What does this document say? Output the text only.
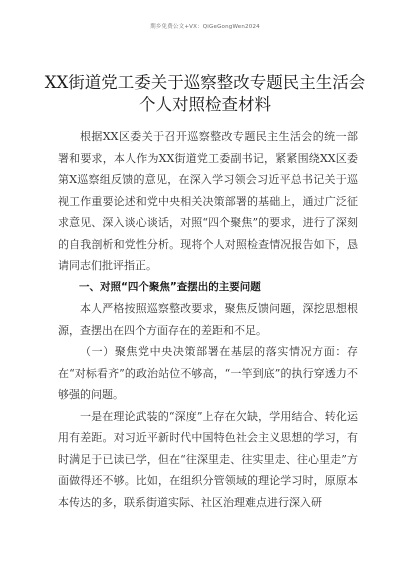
期乡免费公文+VX：QiGeGongWen2024
XX街道党工委关于巡察整改专题民主生活会
个人对照检查材料

根据XX区委关于召开巡察整改专题民主生活会的统一部署和要求，本人作为XX街道党工委副书记，紧紧围绕XX区委第X巡察组反馈的意见，在深入学习领会习近平总书记关于巡视工作重要论述和党中央相关决策部署的基础上，通过广泛征求意见、深入谈心谈话，对照“四个聚焦”的要求，进行了深刻的自我剖析和党性分析。现将个人对照检查情况报告如下，恳请同志们批评指正。

一、对照“四个聚焦”查摆出的主要问题

本人严格按照巡察整改要求，聚焦反馈问题，深挖思想根源，查摆出在四个方面存在的差距和不足。

（一）聚焦党中央决策部署在基层的落实情况方面：存在“对标看齐”的政治站位不够高，“一竿到底”的执行穿透力不够强的问题。

一是在理论武装的“深度”上存在欠缺，学用结合、转化运用有差距。对习近平新时代中国特色社会主义思想的学习，有时满足于已读已学，但在“往深里走、往实里走、往心里走”方面做得还不够。比如，在组织分管领域的理论学习时，原原本本传达的多，联系街道实际、社区治理难点进行深入研
